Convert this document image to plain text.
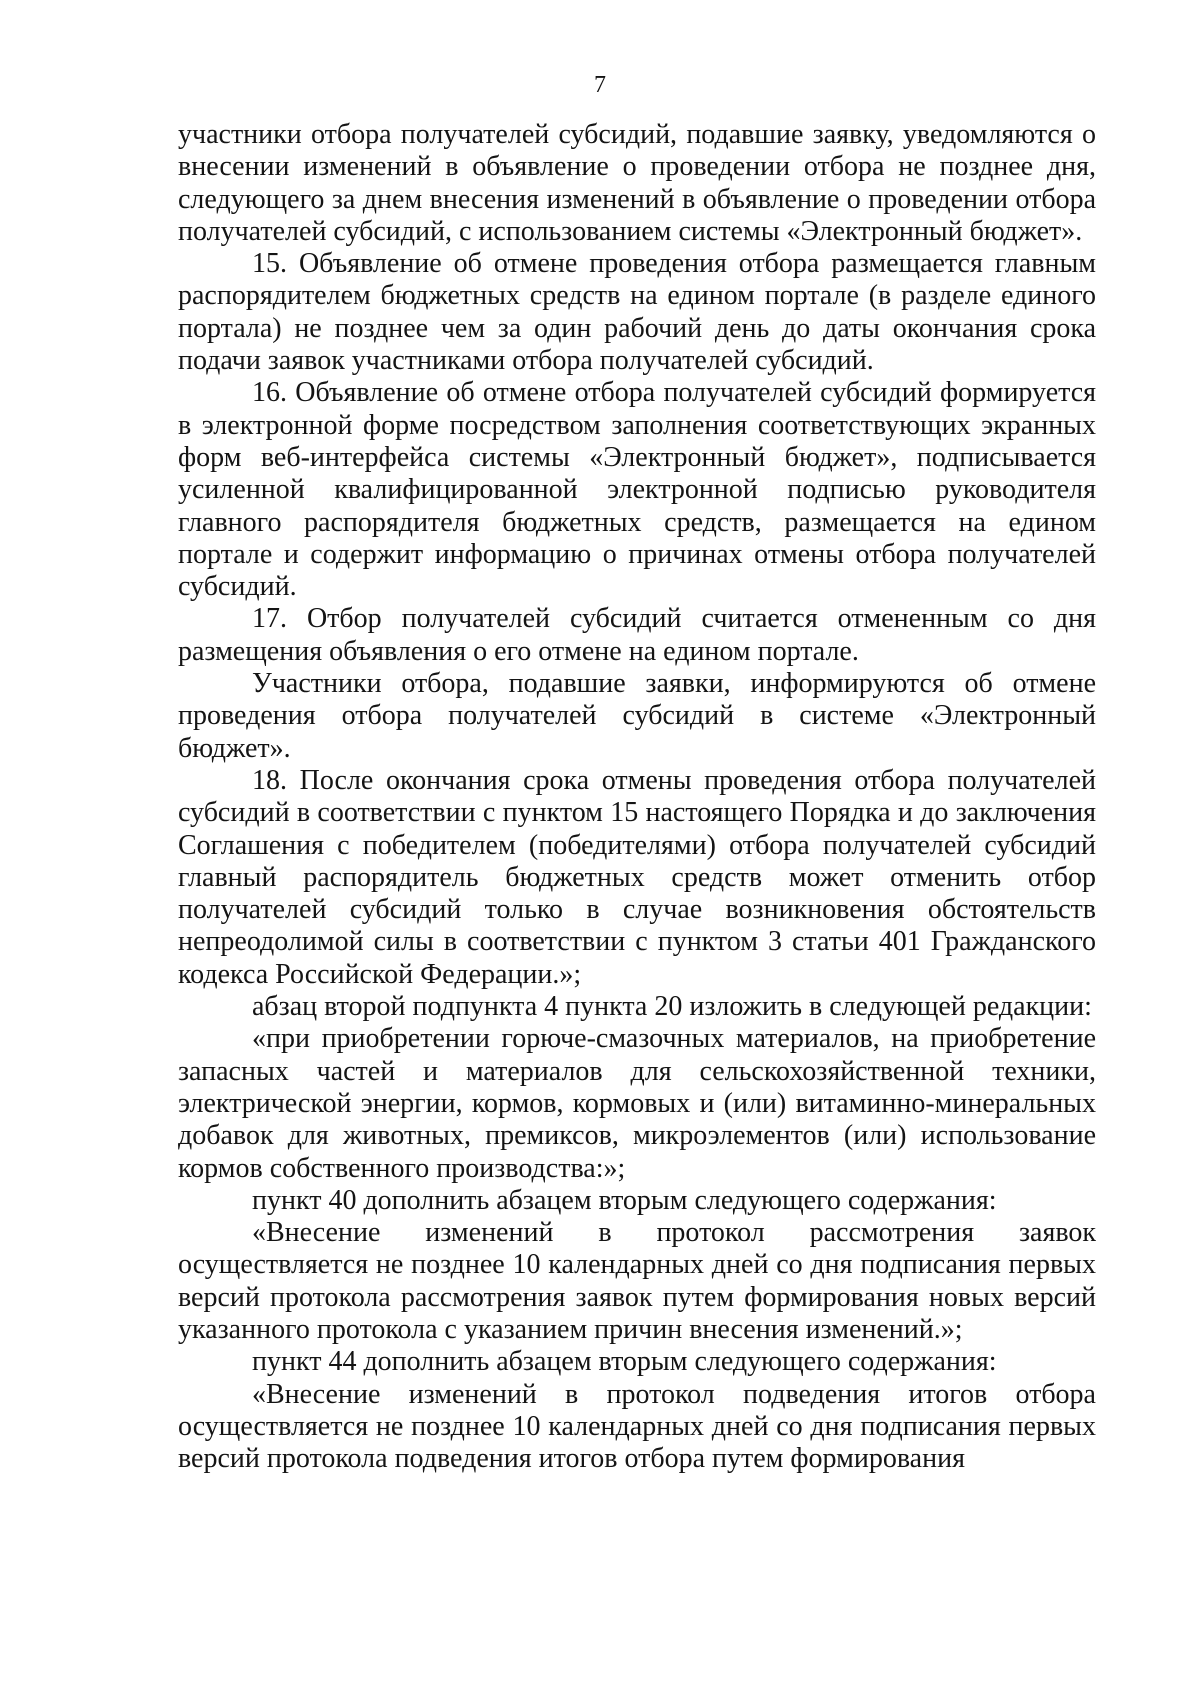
7

участники отбора получателей субсидий, подавшие заявку, уведомляются о внесении изменений в объявление о проведении отбора не позднее дня, следующего за днем внесения изменений в объявление о проведении отбора получателей субсидий, с использованием системы «Электронный бюджет».

15. Объявление об отмене проведения отбора размещается главным распорядителем бюджетных средств на едином портале (в разделе единого портала) не позднее чем за один рабочий день до даты окончания срока подачи заявок участниками отбора получателей субсидий.

16. Объявление об отмене отбора получателей субсидий формируется в электронной форме посредством заполнения соответствующих экранных форм веб-интерфейса системы «Электронный бюджет», подписывается усиленной квалифицированной электронной подписью руководителя главного распорядителя бюджетных средств, размещается на едином портале и содержит информацию о причинах отмены отбора получателей субсидий.

17. Отбор получателей субсидий считается отмененным со дня размещения объявления о его отмене на едином портале.

Участники отбора, подавшие заявки, информируются об отмене проведения отбора получателей субсидий в системе «Электронный бюджет».

18. После окончания срока отмены проведения отбора получателей субсидий в соответствии с пунктом 15 настоящего Порядка и до заключения Соглашения с победителем (победителями) отбора получателей субсидий главный распорядитель бюджетных средств может отменить отбор получателей субсидий только в случае возникновения обстоятельств непреодолимой силы в соответствии с пунктом 3 статьи 401 Гражданского кодекса Российской Федерации.»;

абзац второй подпункта 4 пункта 20 изложить в следующей редакции:

«при приобретении горюче-смазочных материалов, на приобретение запасных частей и материалов для сельскохозяйственной техники, электрической энергии, кормов, кормовых и (или) витаминно-минеральных добавок для животных, премиксов, микроэлементов (или) использование кормов собственного производства:»;

пункт 40 дополнить абзацем вторым следующего содержания:

«Внесение изменений в протокол рассмотрения заявок осуществляется не позднее 10 календарных дней со дня подписания первых версий протокола рассмотрения заявок путем формирования новых версий указанного протокола с указанием причин внесения изменений.»;

пункт 44 дополнить абзацем вторым следующего содержания:

«Внесение изменений в протокол подведения итогов отбора осуществляется не позднее 10 календарных дней со дня подписания первых версий протокола подведения итогов отбора путем формирования
